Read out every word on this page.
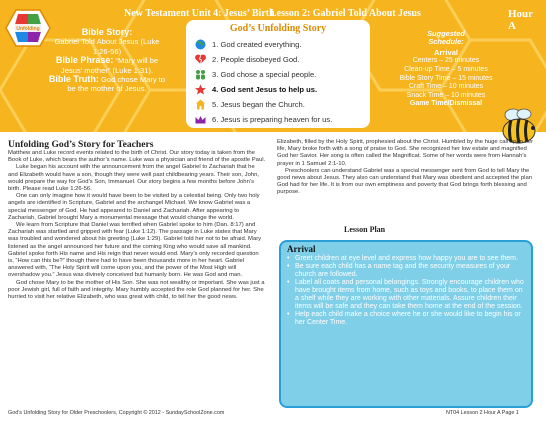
New Testament Unit 4: Jesus’ Birth
Lesson 2: Gabriel Told About Jesus	Hour A
Unfolding	Bible Story:
Gabriel Told About Jesus (Luke 1:26-56)
Bible Phrase: “Mary will be Jesus’ mother” (Luke 1:31).
Bible Truth: God chose Mary to be the mother of Jesus.
God’s Unfolding Story
1. God created everything.
2. People disobeyed God.
3. God chose a special people.
4. God sent Jesus to help us.
5. Jesus began the Church.
6. Jesus is preparing heaven for us.
Suggested
Schedule:
Arrival
Centers – 25 minutes
Clean-up Time – 5 minutes
Bible Story Time – 15 minutes
Craft Time – 10 minutes
Snack Time – 10 minutes
Game Time/Dismissal
Unfolding God’s Story for Teachers

Matthew and Luke record events related to the birth of Christ. Our story today is taken from the Book of Luke, which bears the author’s name. Luke was a physician and friend of the apostle Paul.

Luke began his account with the announcement from the angel Gabriel to Zachariah that he and Elizabeth would have a son, though they were well past childbearing years. Their son, John, would prepare the way for God’s Son, Immanuel. Our story begins a few months before John’s birth. Please read Luke 1:26-56.

One can only imagine how it would have been to be visited by a celestial being. Only two holy angels are identified in Scripture, Gabriel and the archangel Michael. We know Gabriel was a special messenger of God. He had appeared to Daniel and Zachariah. After appearing to Zachariah, Gabriel brought Mary a monumental message that would change the world.

We learn from Scripture that Daniel was terrified when Gabriel spoke to him (Dan. 8:17) and Zachariah was startled and gripped with fear (Luke 1:12). The passage in Luke states that Mary was troubled and wondered about his greeting (Luke 1:29). Gabriel told her not to be afraid. Mary listened as the angel announced her future and the coming King who would save all mankind. Gabriel spoke forth His name and His reign that never would end. Mary’s only recorded question is, “How can this be?” though there had to have been thousands more in her heart. Gabriel answered with, “The Holy Spirit will come upon you, and the power of the Most High will overshadow you.” Jesus was divinely conceived but humanly born. He was God and man.

God chose Mary to be the mother of His Son. She was not wealthy or important. She was just a poor Jewish girl, full of faith and integrity. Mary humbly accepted the role God planned for her. She hurried to visit her relative Elizabeth, who was great with child, to tell her the good news.

Elizabeth, filled by the Holy Spirit, prophesied about the Christ. Humbled by the huge call upon her life, Mary broke forth with a song of praise to God. She recognized her low estate and magnified God her Savior. Her song is often called the Magnificat. Some of her words were from Hannah’s prayer in 1 Samuel 2:1-10.

Preschoolers can understand Gabriel was a special messenger sent from God to tell Mary the good news about Jesus. They also can understand that Mary was obedient and accepted the plan God had for her life. It is from our own emptiness and poverty that God brings forth blessing and purpose.

Lesson Plan
Arrival
• Greet children at eye level and express how happy you are to see them.
• Be sure each child has a name tag and the security measures of your church are followed.
• Label all coats and personal belongings. Strongly encourage children who have brought items from home, such as toys and books, to place them on a shelf while they are working with other materials. Assure children their items will be safe and they can take them home at the end of the session.
• Help each child make a choice where he or she would like to begin his or her Center Time.
God’s Unfolding Story for Older Preschoolers, Copyright © 2012 - SundaySchoolZone.com	NT04 Lesson 2 Hour A Page 1
